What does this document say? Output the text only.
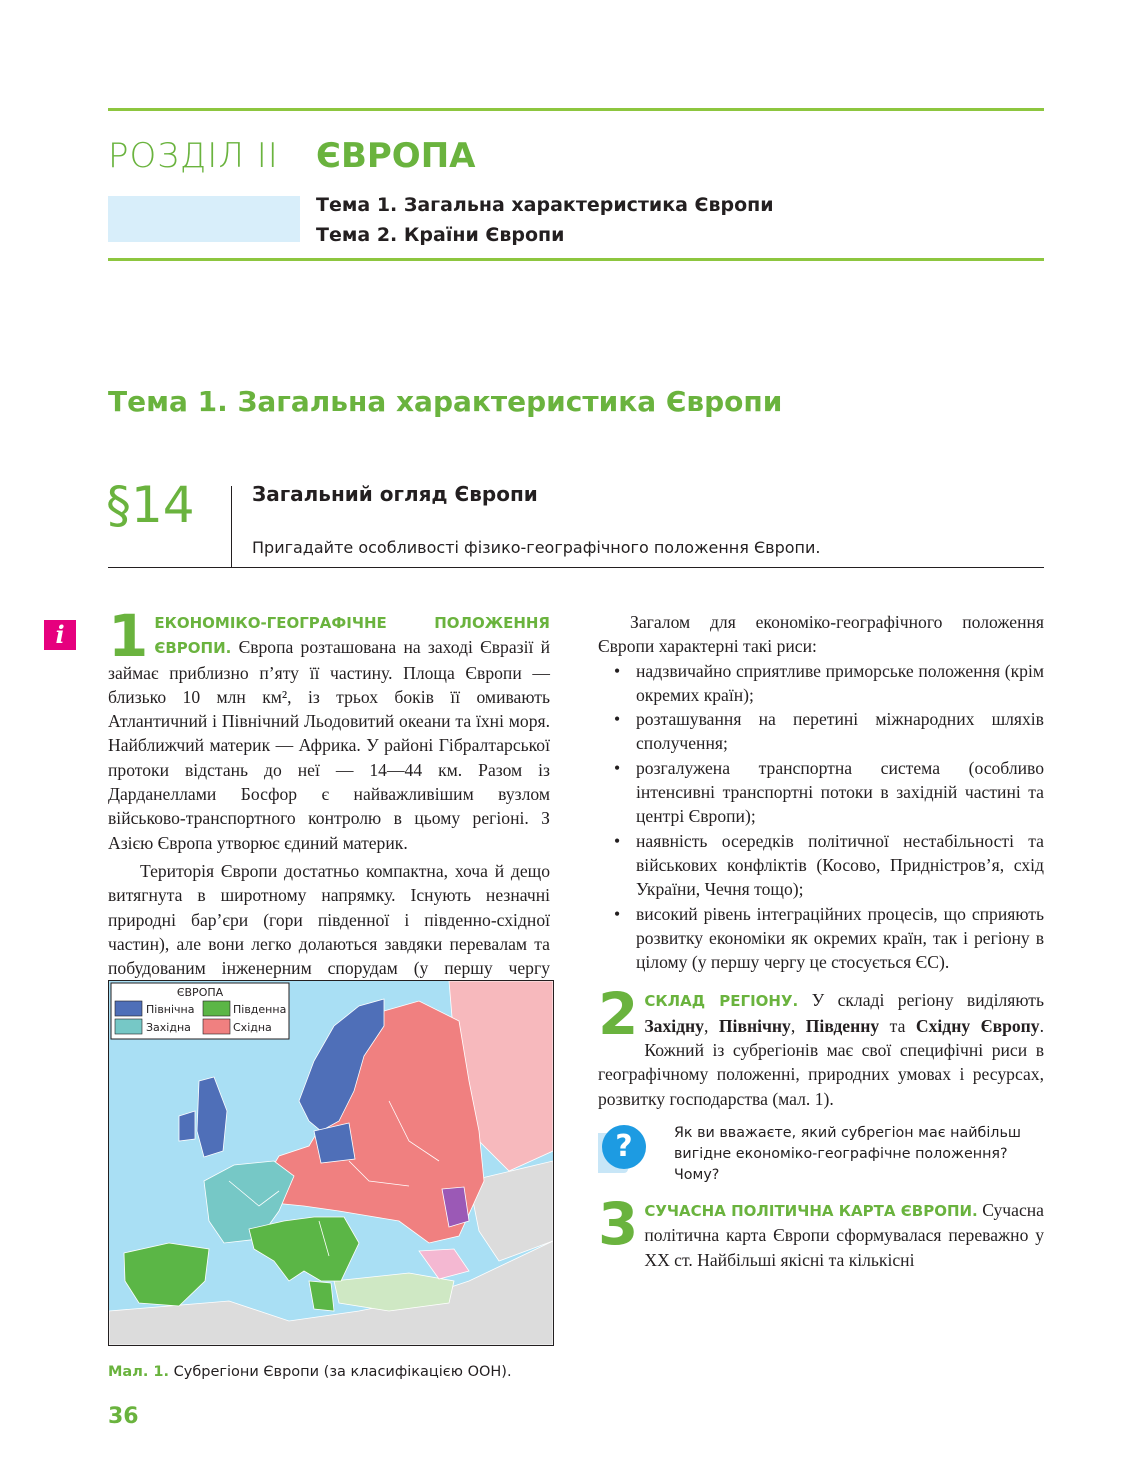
РОЗДІЛ II ЄВРОПА
Тема 1. Загальна характеристика Європи
Тема 2. Країни Європи
Тема 1. Загальна характеристика Європи
§14	Загальний огляд Європи
Пригадайте особливості фізико-географічного положення Європи.
i 1 ЕКОНОМІКО-ГЕОГРАФІЧНЕ ПОЛОЖЕННЯ ЄВРОПИ. Європа розташована на заході Євразії й займає приблизно п’яту її частину. Площа Європи — близько 10 млн км², із трьох боків її омивають Атлантичний і Північний Льодовитий океани та їхні моря. Найближчий материк — Африка. У районі Гібралтарської протоки відстань до неї — 14—44 км. Разом із Дарданеллами Босфор є найважливішим вузлом військово-транспортного контролю в цьому регіоні. З Азією Європа утворює єдиний материк.

Територія Європи достатньо компактна, хоча й дещо витягнута в широтному напрямку. Існують незначні природні бар’єри (гори південної і південно-східної частин), але вони легко долаються завдяки перевалам та побудованим інженерним спорудам (у першу чергу

Загалом для економіко-географічного положення Європи характерні такі риси:

• надзвичайно сприятливе приморське положення (крім окремих країн);
• розташування на перетині міжнародних шляхів сполучення;
• розгалужена транспортна система (особливо інтенсивні транспортні потоки в західній частині та центрі Європи);
• наявність осередків політичної нестабільності та військових конфліктів (Косово, Придністров’я, схід України, Чечня тощо);
• високий рівень інтеграційних процесів, що сприяють розвитку економіки як окремих країн, так і регіону в цілому (у першу чергу це стосується ЄС).

2 СКЛАД РЕГІОНУ. У складі регіону виділяють Західну, Північну, Південну та Східну Європу. Кожний із субрегіонів має свої специфічні риси в географічному положенні, природних умовах і ресурсах, розвитку господарства (мал. 1).

?	Як ви вважаєте, який субрегіон має найбільш вигідне економіко-географічне положення? Чому?

3 СУЧАСНА ПОЛІТИЧНА КАРТА ЄВРОПИ. Сучасна політична карта Європи сформувалася переважно у ХХ ст. Найбільші якісні та кількісні

ЄВРОПА
Північна	Південна
Західна	Східна
Мал. 1. Субрегіони Європи (за класифікацією ООН).
36
